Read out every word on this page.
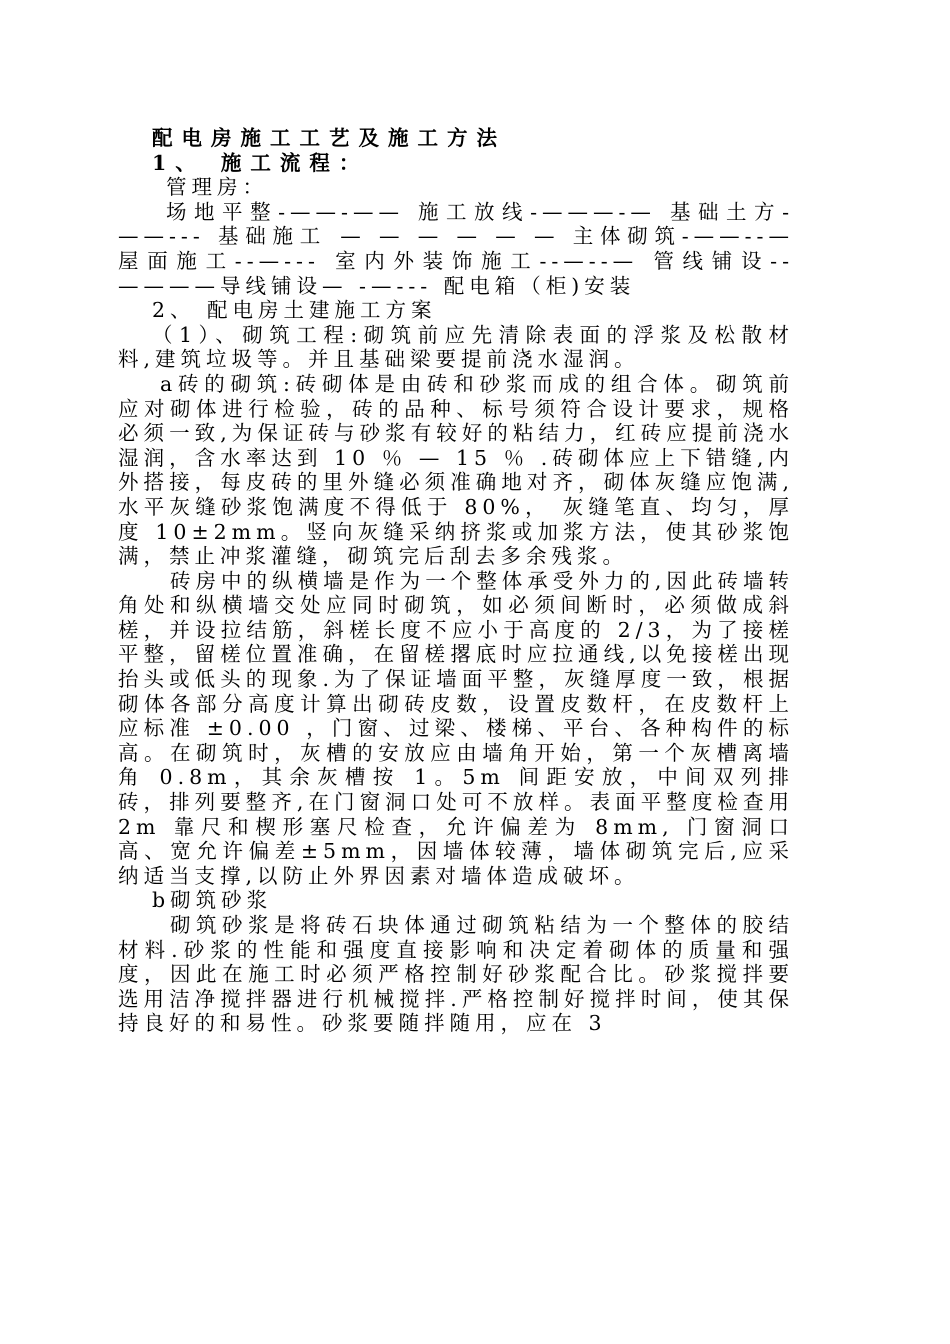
配电房施工工艺及施工方法

1、 施工流程：

管理房：

场地平整-——-—— 施工放线-———-— 基础土方-——--- 基础施工 — — — — — — 主体砌筑-——--— 屋面施工--—--- 室内外装饰施工--—--— 管线铺设--————导线铺设— -—--- 配电箱（柜)安装

2、 配电房土建施工方案

（1）、砌筑工程:砌筑前应先清除表面的浮浆及松散材料,建筑垃圾等。并且基础梁要提前浇水湿润。

a砖的砌筑:砖砌体是由砖和砂浆而成的组合体。砌筑前应对砌体进行检验，砖的品种、标号须符合设计要求，规格必须一致,为保证砖与砂浆有较好的粘结力，红砖应提前浇水湿润，含水率达到 10 ％ — 15 ％ .砖砌体应上下错缝,内外搭接，每皮砖的里外缝必须准确地对齐，砌体灰缝应饱满,水平灰缝砂浆饱满度不得低于 80%， 灰缝笔直、均匀，厚度 10±2mm。竖向灰缝采纳挤浆或加浆方法，使其砂浆饱满，禁止冲浆灌缝，砌筑完后刮去多余残浆。

砖房中的纵横墙是作为一个整体承受外力的,因此砖墙转角处和纵横墙交处应同时砌筑，如必须间断时，必须做成斜槎，并设拉结筋，斜槎长度不应小于高度的 2/3，为了接槎平整，留槎位置准确，在留槎撂底时应拉通线,以免接槎出现抬头或低头的现象.为了保证墙面平整，灰缝厚度一致，根据砌体各部分高度计算出砌砖皮数，设置皮数杆，在皮数杆上应标准 ±0.00 ，门窗、过梁、楼梯、平台、各种构件的标高。在砌筑时，灰槽的安放应由墙角开始，第一个灰槽离墙角 0.8m，其余灰槽按 1。5m 间距安放，中间双列排砖，排列要整齐,在门窗洞口处可不放样。表面平整度检查用 2m 靠尺和楔形塞尺检查，允许偏差为 8mm, 门窗洞口高、宽允许偏差±5mm，因墙体较薄，墙体砌筑完后,应采纳适当支撑,以防止外界因素对墙体造成破坏。

b砌筑砂浆

砌筑砂浆是将砖石块体通过砌筑粘结为一个整体的胶结材料.砂浆的性能和强度直接影响和决定着砌体的质量和强度，因此在施工时必须严格控制好砂浆配合比。砂浆搅拌要选用洁净搅拌器进行机械搅拌.严格控制好搅拌时间，使其保持良好的和易性。砂浆要随拌随用，应在 3
